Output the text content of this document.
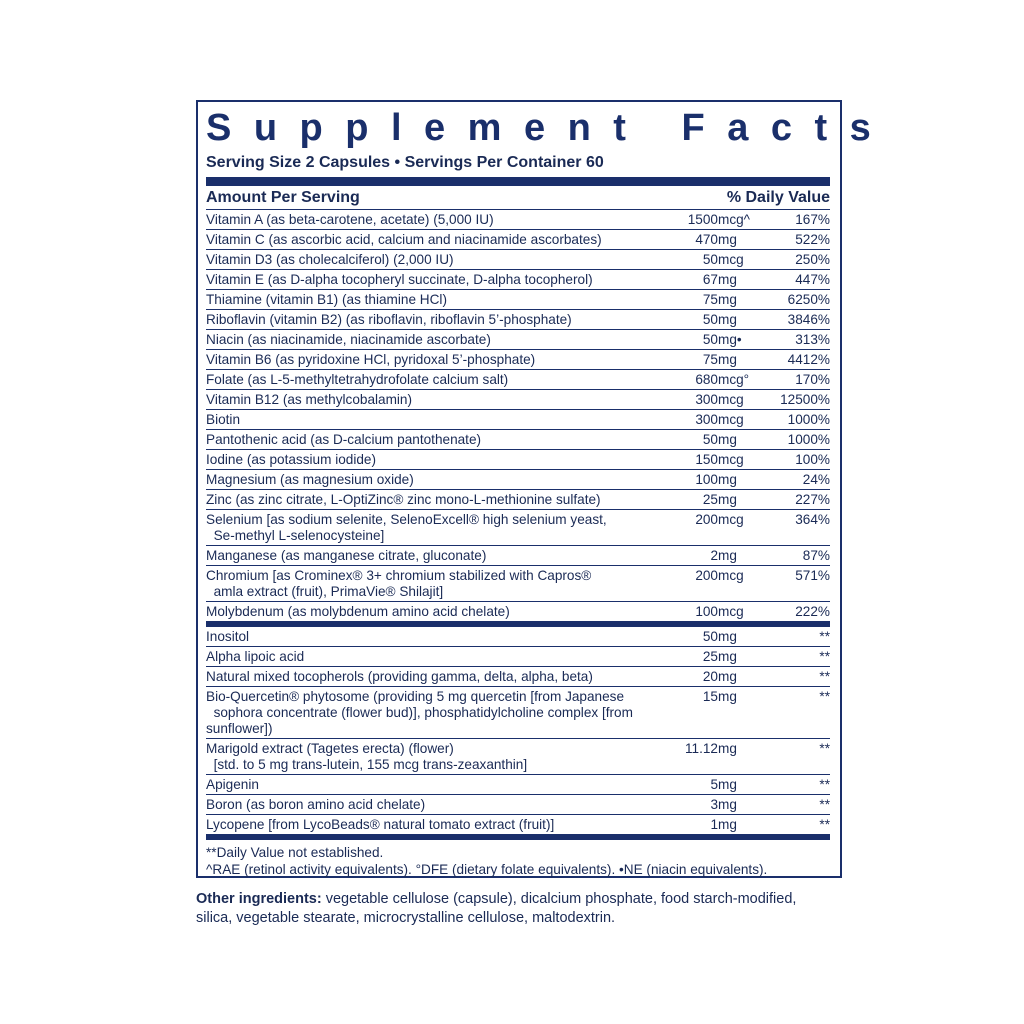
Supplement Facts
Serving Size 2 Capsules • Servings Per Container 60
Amount Per Serving	% Daily Value
Vitamin A (as beta-carotene, acetate) (5,000 IU)	1500 mcg^	167%
Vitamin C (as ascorbic acid, calcium and niacinamide ascorbates)	470 mg	522%
Vitamin D3 (as cholecalciferol) (2,000 IU)	50 mcg	250%
Vitamin E (as D-alpha tocopheryl succinate, D-alpha tocopherol)	67 mg	447%
Thiamine (vitamin B1) (as thiamine HCl)	75 mg	6250%
Riboflavin (vitamin B2) (as riboflavin, riboflavin 5’-phosphate)	50 mg	3846%
Niacin (as niacinamide, niacinamide ascorbate)	50 mg•	313%
Vitamin B6 (as pyridoxine HCl, pyridoxal 5’-phosphate)	75 mg	4412%
Folate (as L-5-methyltetrahydrofolate calcium salt)	680 mcg°	170%
Vitamin B12 (as methylcobalamin)	300 mcg	12500%
Biotin	300 mcg	1000%
Pantothenic acid (as D-calcium pantothenate)	50 mg	1000%
Iodine (as potassium iodide)	150 mcg	100%
Magnesium (as magnesium oxide)	100 mg	24%
Zinc (as zinc citrate, L-OptiZinc® zinc mono-L-methionine sulfate)	25 mg	227%
Selenium [as sodium selenite, SelenoExcell® high selenium yeast,
Se-methyl L-selenocysteine]
200 mcg	364%
Manganese (as manganese citrate, gluconate)	2 mg	87%
Chromium [as Crominex® 3+ chromium stabilized with Capros®
amla extract (fruit), PrimaVie® Shilajit]
200 mcg	571%
Molybdenum (as molybdenum amino acid chelate)	100 mcg	222%
Inositol	50 mg	**
Alpha lipoic acid	25 mg	**
Natural mixed tocopherols (providing gamma, delta, alpha, beta)	20 mg	**
Bio-Quercetin® phytosome (providing 5 mg quercetin [from Japanese
sophora concentrate (flower bud)], phosphatidylcholine complex [from sunflower])
15 mg	**
Marigold extract (Tagetes erecta) (flower)
[std. to 5 mg trans-lutein, 155 mcg trans-zeaxanthin]
11.12 mg	**
Apigenin	5 mg	**
Boron (as boron amino acid chelate)	3 mg	**
Lycopene [from LycoBeads® natural tomato extract (fruit)]	1 mg	**
**Daily Value not established.
^RAE (retinol activity equivalents). °DFE (dietary folate equivalents). •NE (niacin equivalents).
Other ingredients: vegetable cellulose (capsule), dicalcium phosphate, food starch-modified, silica, vegetable stearate, microcrystalline cellulose, maltodextrin.
